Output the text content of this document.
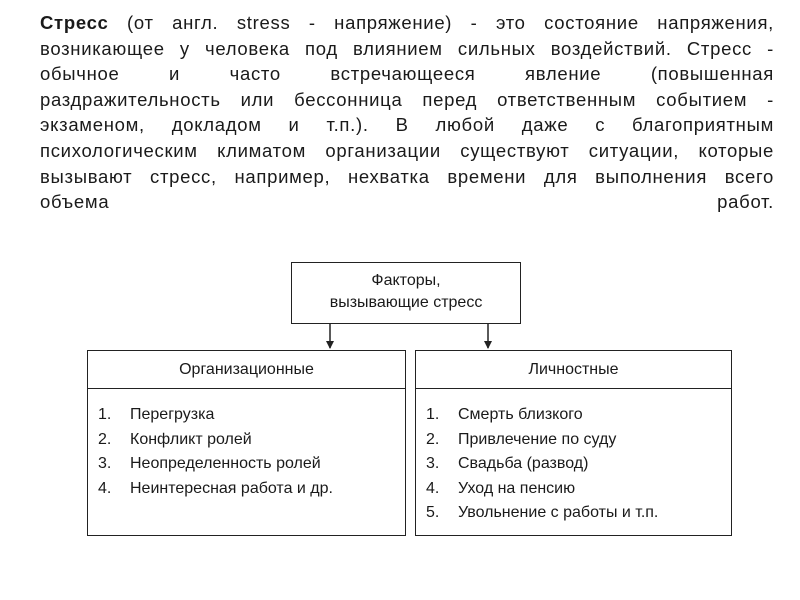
Стресс (от англ. stress - напряжение) - это состояние напряжения,
возникающее у человека под влиянием сильных воздействий. Стресс -
обычное и часто встречающееся явление (повышенная
раздражительность или бессонница перед ответственным событием -
экзаменом, докладом и т.п.). В любой даже с благоприятным
психологическим климатом организации существуют ситуации, которые
вызывают стресс, например, нехватка времени для выполнения всего
объема работ.
Факторы,
вызывающие стресс
Организационные
1.	Перегрузка
2.	Конфликт ролей
3.	Неопределенность ролей
4.	Неинтересная работа и др.
Личностные
1.	Смерть близкого
2.	Привлечение по суду
3.	Свадьба (развод)
4.	Уход на пенсию
5.	Увольнение с работы и т.п.
